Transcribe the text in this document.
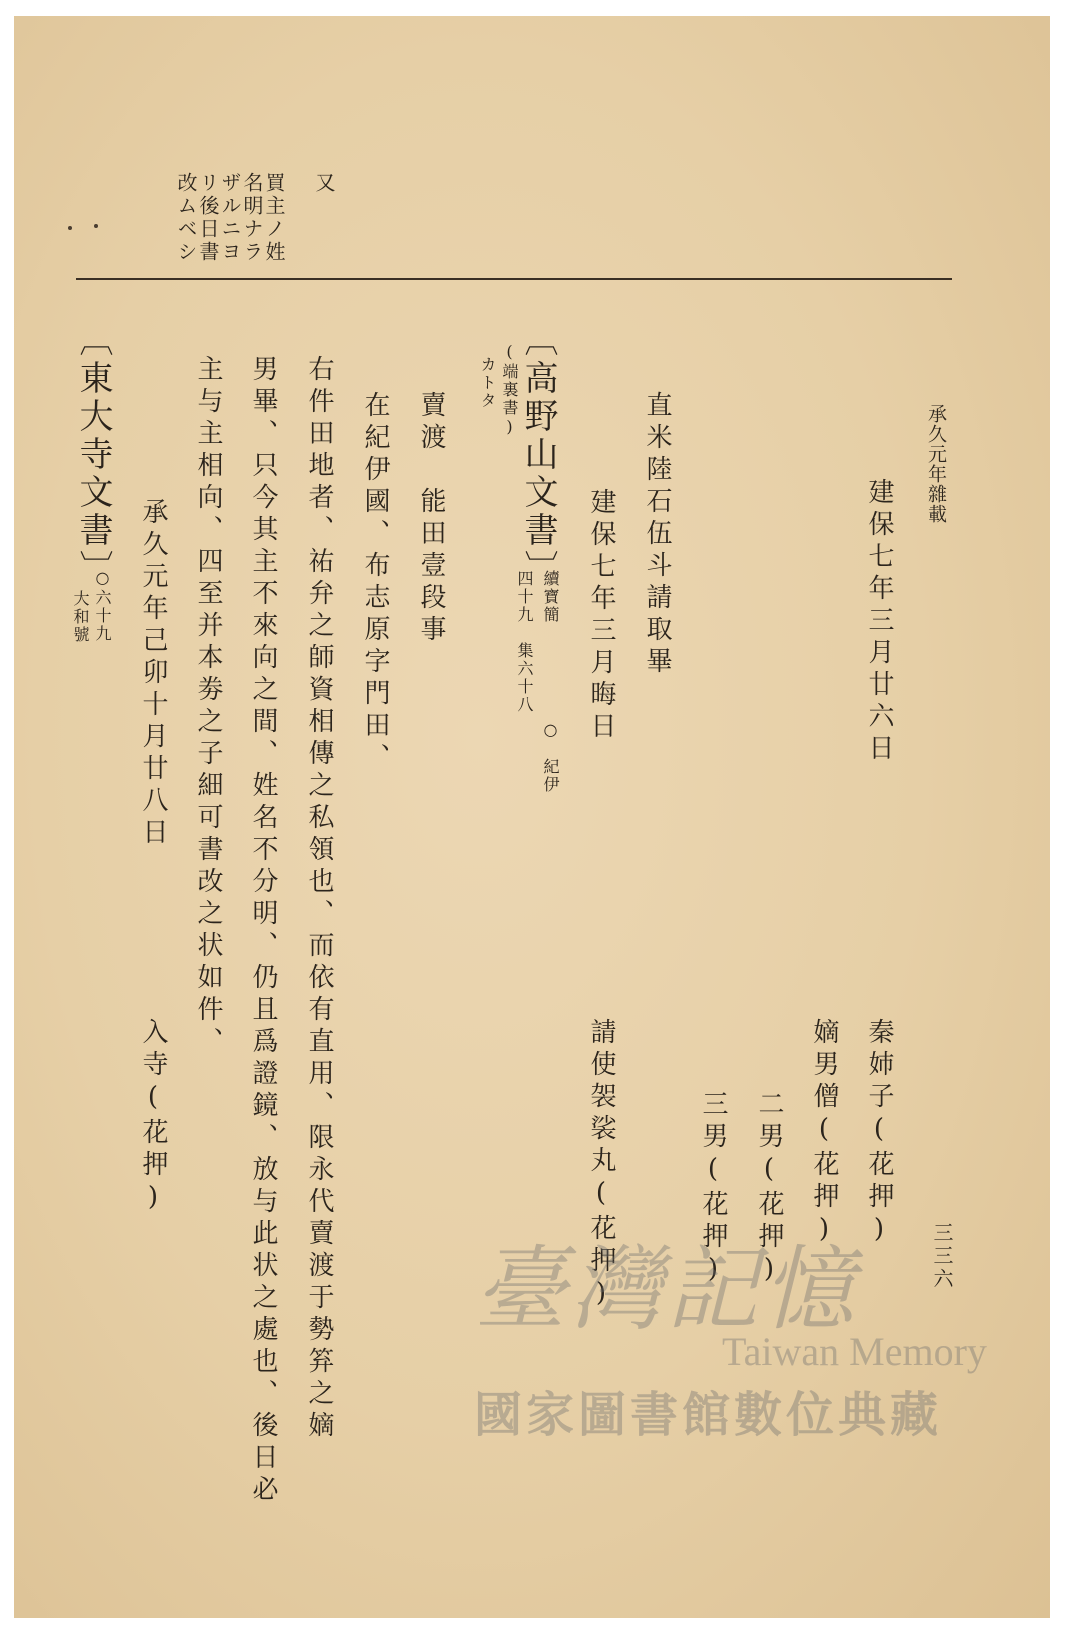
承久元年雜載
三三六
又
買主ノ姓
名明ナラ
ザルニヨ
リ後日書
改ムベシ
建保七年三月廿六日
秦姉子(花押)
嫡男僧(花押)
二男(花押)
三男(花押)
直米陸石伍斗請取畢
建保七年三月晦日
請使袈裟丸(花押)
〔高野山文書〕
續寶簡
紀伊
四十九
集六十八
○
(端裏書)
カトタ
賣渡　能田壹段事
在紀伊國、布志原字門田、
右件田地者、祐弁之師資相傳之私領也、而依有直用、限永代賣渡于勢笲之嫡
男畢、只今其主不來向之間、姓名不分明、仍且爲證鏡、放与此状之處也、後日必
主与主相向、四至并本劵之子細可書改之状如件、
承久元年己卯十月廿八日
入寺(花押)
〔東大寺文書〕
○六十九
大和號
臺灣記憶
Taiwan Memory
國家圖書館數位典藏
